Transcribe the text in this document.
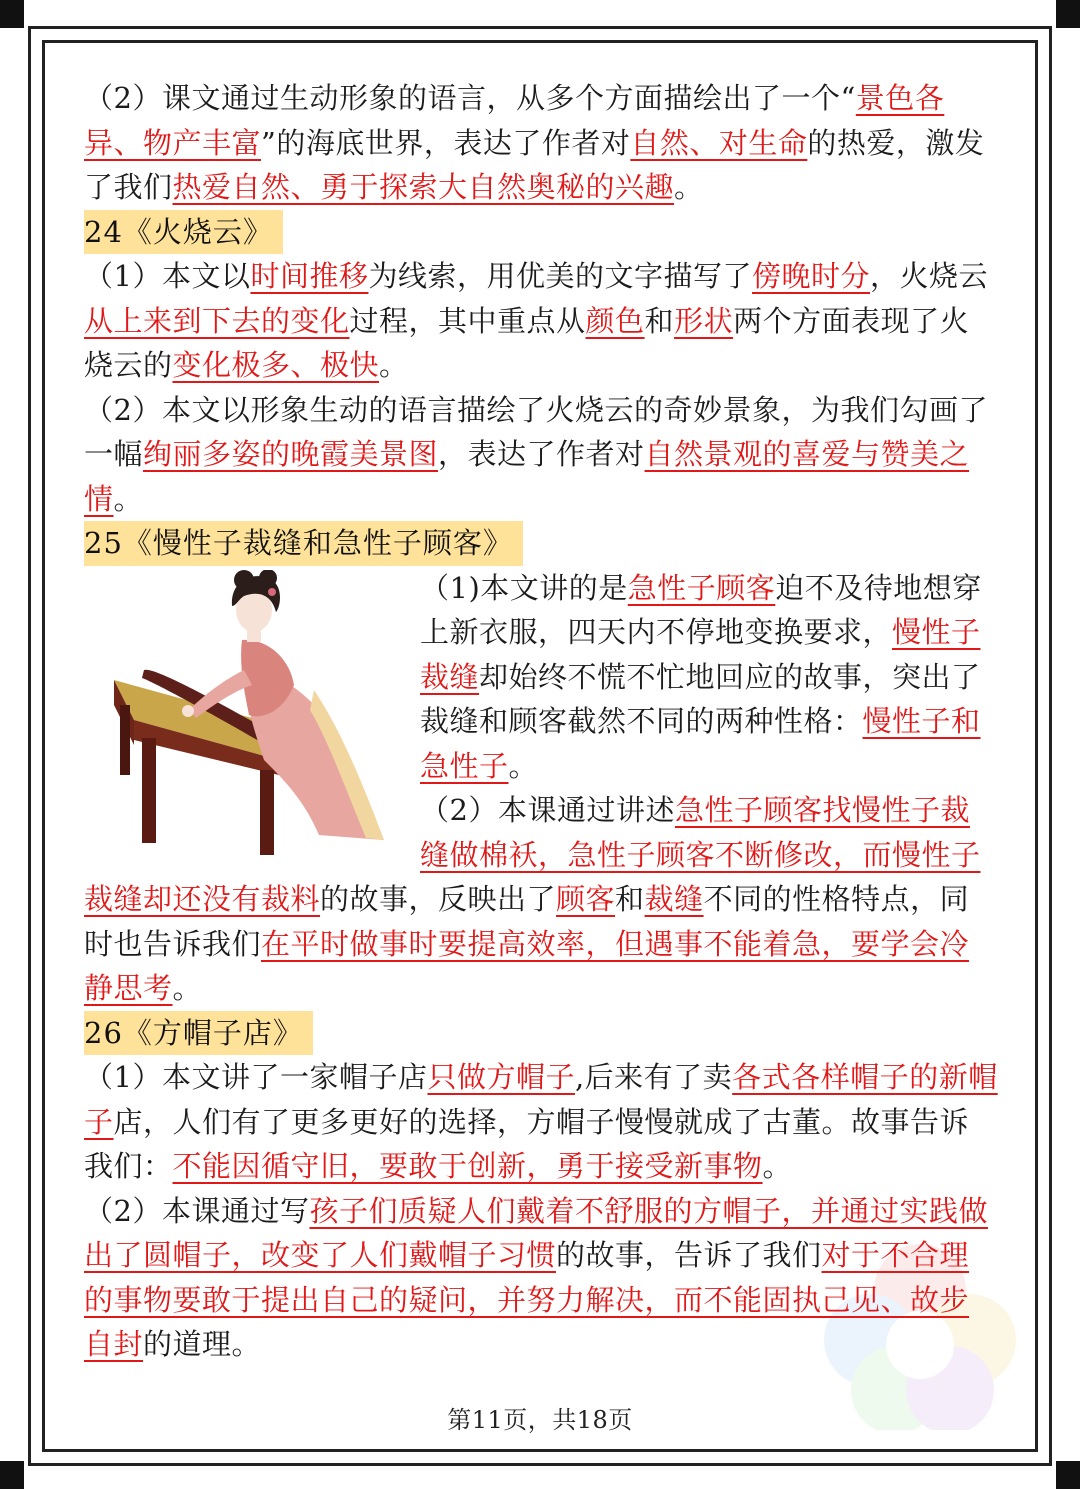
（2）课文通过生动形象的语言，从多个方面描绘出了一个“景色各异、物产丰富”的海底世界，表达了作者对自然、对生命的热爱，激发了我们热爱自然、勇于探索大自然奥秘的兴趣。

24《火烧云》

（1）本文以时间推移为线索，用优美的文字描写了傍晚时分，火烧云从上来到下去的变化过程，其中重点从颜色和形状两个方面表现了火烧云的变化极多、极快。

（2）本文以形象生动的语言描绘了火烧云的奇妙景象，为我们勾画了一幅绚丽多姿的晚霞美景图，表达了作者对自然景观的喜爱与赞美之情。

25《慢性子裁缝和急性子顾客》

（1)本文讲的是急性子顾客迫不及待地想穿上新衣服，四天内不停地变换要求，慢性子裁缝却始终不慌不忙地回应的故事，突出了裁缝和顾客截然不同的两种性格：慢性子和急性子。

（2）本课通过讲述急性子顾客找慢性子裁缝做棉袄，急性子顾客不断修改，而慢性子裁缝却还没有裁料的故事，反映出了顾客和裁缝不同的性格特点，同时也告诉我们在平时做事时要提高效率，但遇事不能着急，要学会冷静思考。

26《方帽子店》

（1）本文讲了一家帽子店只做方帽子,后来有了卖各式各样帽子的新帽子店，人们有了更多更好的选择，方帽子慢慢就成了古董。故事告诉我们：不能因循守旧，要敢于创新，勇于接受新事物。

（2）本课通过写孩子们质疑人们戴着不舒服的方帽子，并通过实践做出了圆帽子，改变了人们戴帽子习惯的故事，告诉了我们对于不合理的事物要敢于提出自己的疑问，并努力解决，而不能固执己见、故步自封的道理。

第11页，共18页
